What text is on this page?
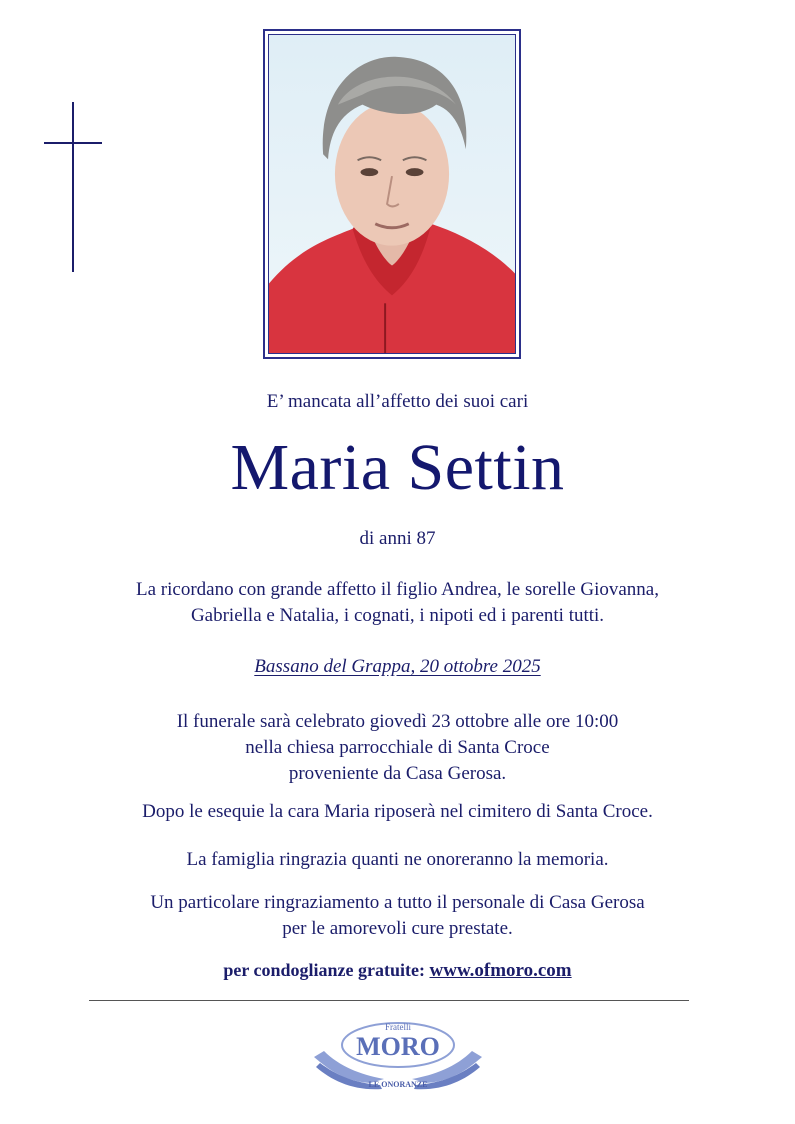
E’ mancata all’affetto dei suoi cari
Maria Settin
di anni 87
La ricordano con grande affetto il figlio Andrea, le sorelle Giovanna,
Gabriella e Natalia, i cognati, i nipoti ed i parenti tutti.
Bassano del Grappa, 20 ottobre 2025
Il funerale sarà celebrato giovedì 23 ottobre alle ore 10:00
nella chiesa parrocchiale di Santa Croce
proveniente da Casa Gerosa.
Dopo le esequie la cara Maria riposerà nel cimitero di Santa Croce.
La famiglia ringrazia quanti ne onoreranno la memoria.
Un particolare ringraziamento a tutto il personale di Casa Gerosa
per le amorevoli cure prestate.
per condoglianze gratuite: www.ofmoro.com
Fratelli
MORO
LE ONORANZE
